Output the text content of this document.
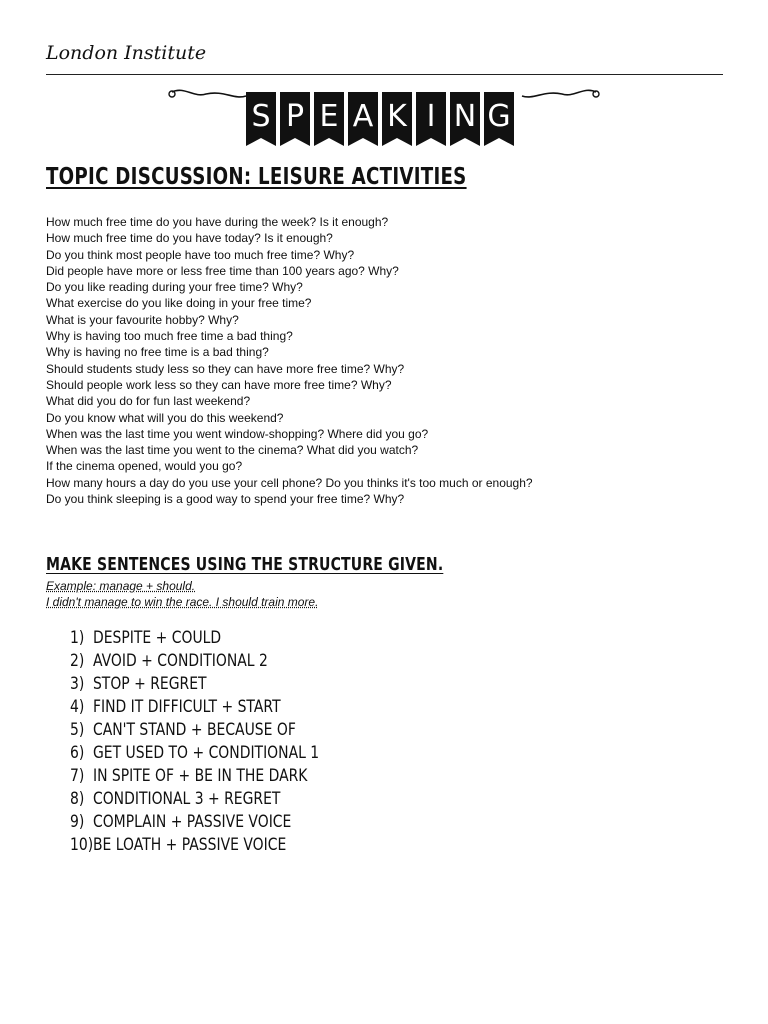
London Institute
S P E A K I N G
TOPIC DISCUSSION: LEISURE ACTIVITIES
How much free time do you have during the week? Is it enough?
How much free time do you have today? Is it enough?
Do you think most people have too much free time? Why?
Did people have more or less free time than 100 years ago? Why?
Do you like reading during your free time? Why?
What exercise do you like doing in your free time?
What is your favourite hobby? Why?
Why is having too much free time a bad thing?
Why is having no free time is a bad thing?
Should students study less so they can have more free time? Why?
Should people work less so they can have more free time? Why?
What did you do for fun last weekend?
Do you know what will you do this weekend?
When was the last time you went window-shopping? Where did you go?
When was the last time you went to the cinema? What did you watch?
If the cinema opened, would you go?
How many hours a day do you use your cell phone? Do you thinks it's too much or enough?
Do you think sleeping is a good way to spend your free time? Why?
MAKE SENTENCES USING THE STRUCTURE GIVEN.
Example: manage + should.
I didn't manage to win the race. I should train more.
1) DESPITE + COULD
2) AVOID + CONDITIONAL 2
3) STOP + REGRET
4) FIND IT DIFFICULT + START
5) CAN'T STAND + BECAUSE OF
6) GET USED TO + CONDITIONAL 1
7) IN SPITE OF + BE IN THE DARK
8) CONDITIONAL 3 + REGRET
9) COMPLAIN + PASSIVE VOICE
10)BE LOATH + PASSIVE VOICE
